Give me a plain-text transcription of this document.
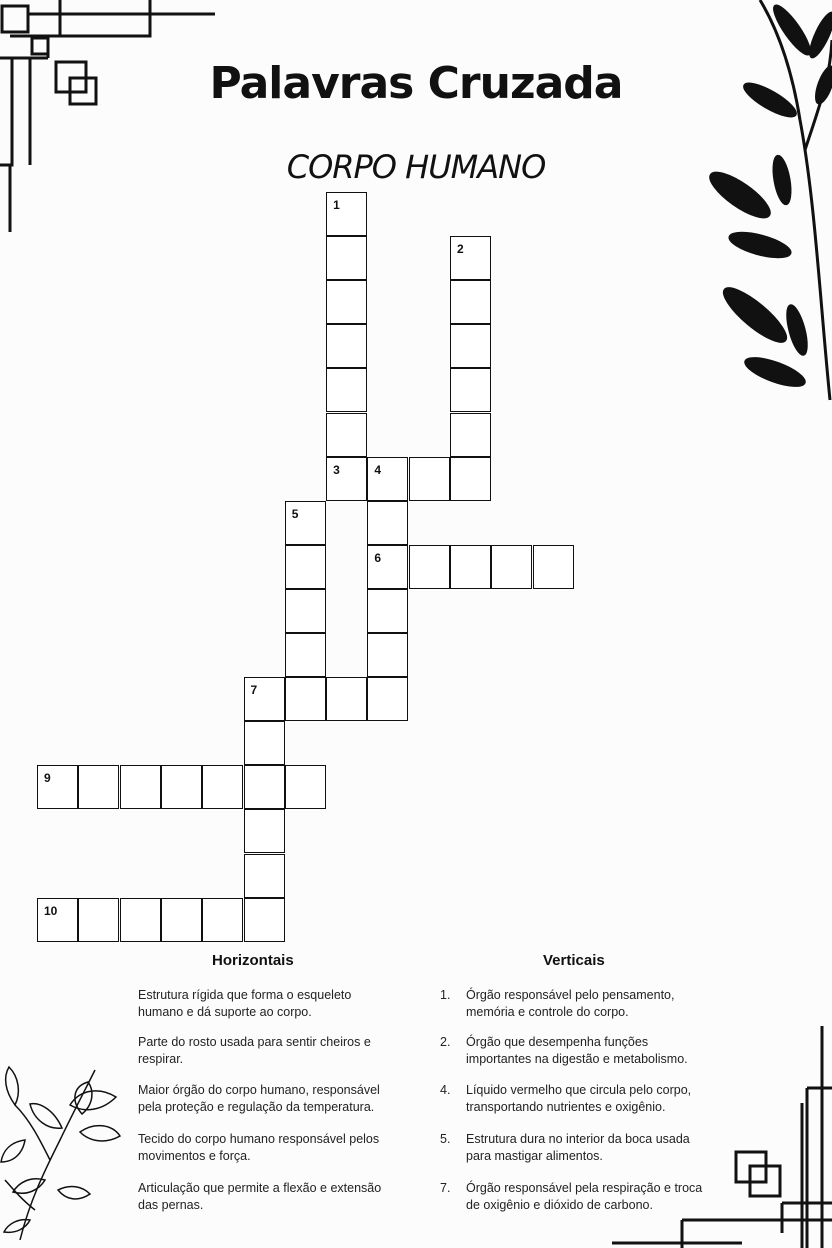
Palavras Cruzada
CORPO HUMANO
1
2
3	4
6
5
7
9
10
Horizontais	Verticais
Estrutura rígida que forma o esqueleto humano e dá suporte ao corpo.
Parte do rosto usada para sentir cheiros e respirar.
Maior órgão do corpo humano, responsável pela proteção e regulação da temperatura.
Tecido do corpo humano responsável pelos movimentos e força.
Articulação que permite a flexão e extensão das pernas.
1. Órgão responsável pelo pensamento, memória e controle do corpo.
2. Órgão que desempenha funções importantes na digestão e metabolismo.
4. Líquido vermelho que circula pelo corpo, transportando nutrientes e oxigênio.
5. Estrutura dura no interior da boca usada para mastigar alimentos.
7. Órgão responsável pela respiração e troca de oxigênio e dióxido de carbono.
